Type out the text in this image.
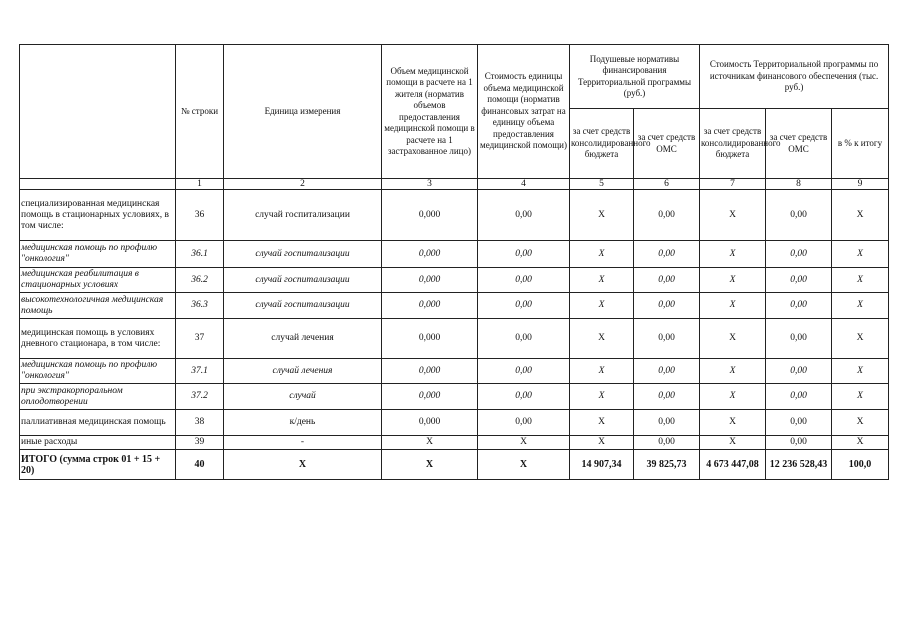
	№ строки	Единица измерения	Объем медицинской помощи в расчете на 1 жителя (норматив объемов предоставления медицинской помощи в расчете на 1 застрахованное лицо)	Стоимость единицы объема медицинской помощи (норматив финансовых затрат на единицу объема предоставления медицинской помощи)	Подушевые нормативы финансирования Территориальной программы (руб.)		Стоимость Территориальной программы по источникам финансового обеспечения (тыс. руб.)		
					за счет средств консолидированного бюджета	за счет средств ОМС	за счет средств консолидированного бюджета	за счет средств ОМС	в % к итогу
	1	2	3	4	5	6	7	8	9
специализированная медицинская помощь в стационарных условиях, в том числе:	36	случай госпитализации	0,000	0,00	Х	0,00	Х	0,00	Х
медицинская помощь по профилю "онкология"	36.1	случай госпитализации	0,000	0,00	Х	0,00	Х	0,00	Х
медицинская реабилитация в стационарных условиях	36.2	случай госпитализации	0,000	0,00	Х	0,00	Х	0,00	Х
высокотехнологичная медицинская помощь	36.3	случай госпитализации	0,000	0,00	Х	0,00	Х	0,00	Х
медицинская помощь в условиях дневного стационара, в том числе:	37	случай лечения	0,000	0,00	Х	0,00	Х	0,00	Х
медицинская помощь по профилю "онкология"	37.1	случай лечения	0,000	0,00	Х	0,00	Х	0,00	Х
при экстракорпоральном оплодотворении	37.2	случай	0,000	0,00	Х	0,00	Х	0,00	Х
паллиативная медицинская помощь	38	к/день	0,000	0,00	Х	0,00	Х	0,00	Х
иные расходы	39	-	Х	Х	Х	0,00	Х	0,00	Х
ИТОГО (сумма строк 01 + 15 + 20)	40	Х	Х	Х	14 907,34	39 825,73	4 673 447,08	12 236 528,43	100,0
